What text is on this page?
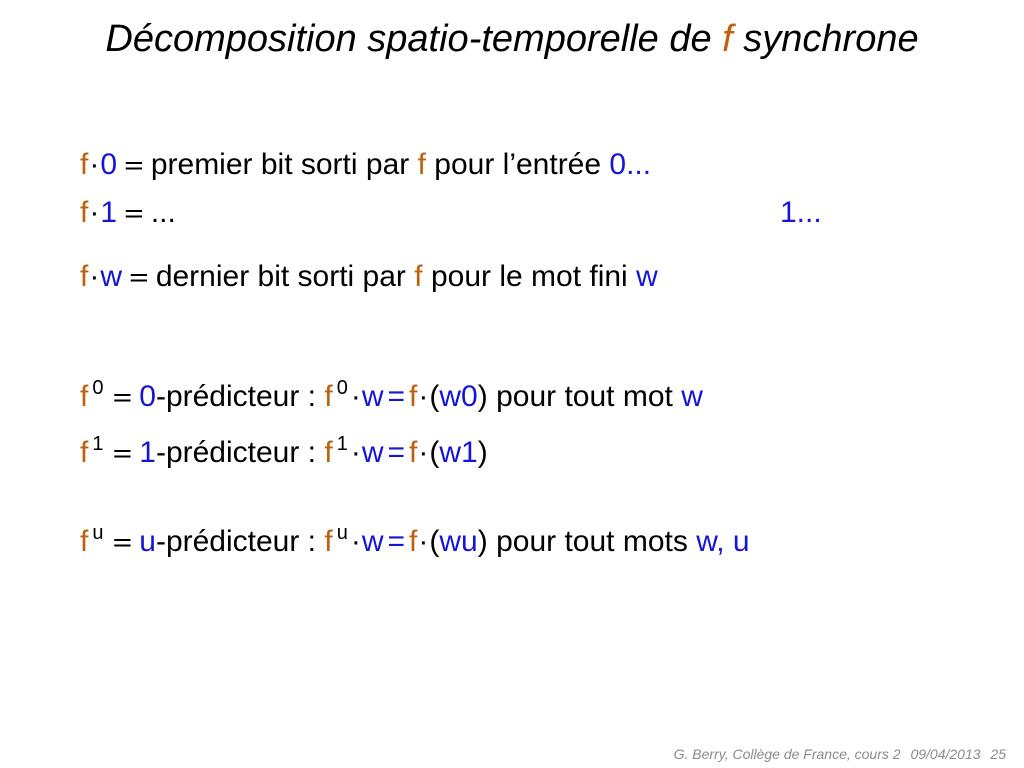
Décomposition spatio-temporelle de f synchrone
f·0 = premier bit sorti par f pour l’entrée 0...
f·1 = ...	1...
f·w = dernier bit sorti par f pour le mot fini w
f $^0$ = 0-prédicteur : f $^0$ ·w = f·(w0) pour tout mot w
f $^1$ = 1-prédicteur : f $^1$ ·w = f·(w1)
f $^u$ = u-prédicteur : f $^u$ ·w = f·(wu) pour tout mots w, u
G. Berry, Collège de France, cours 2 09/04/2013 25
